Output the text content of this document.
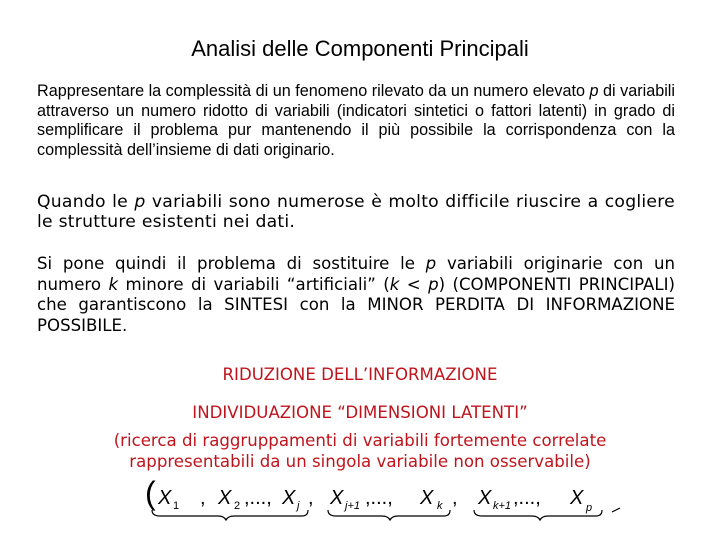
Analisi delle Componenti Principali

Rappresentare la complessità di un fenomeno rilevato da un numero elevato p di variabili attraverso un numero ridotto di variabili (indicatori sintetici o fattori latenti) in grado di semplificare il problema pur mantenendo il più possibile la corrispondenza con la complessità dell’insieme di dati originario.

Quando le p variabili sono numerose è molto difficile riuscire a cogliere le strutture esistenti nei dati.

Si pone quindi il problema di sostituire le p variabili originarie con un numero k minore di variabili “artificiali” (k < p) (COMPONENTI PRINCIPALI) che garantiscono la SINTESI con la MINOR PERDITA DI INFORMAZIONE POSSIBILE.

RIDUZIONE DELL’INFORMAZIONE
INDIVIDUAZIONE “DIMENSIONI LATENTI”
(ricerca di raggruppamenti di variabili fortemente correlate
rappresentabili da un singola variabile non osservabile)
( X 1 , X 2 ,..., X j , X j+1 ,..., X k , X k+1 ,..., X p
